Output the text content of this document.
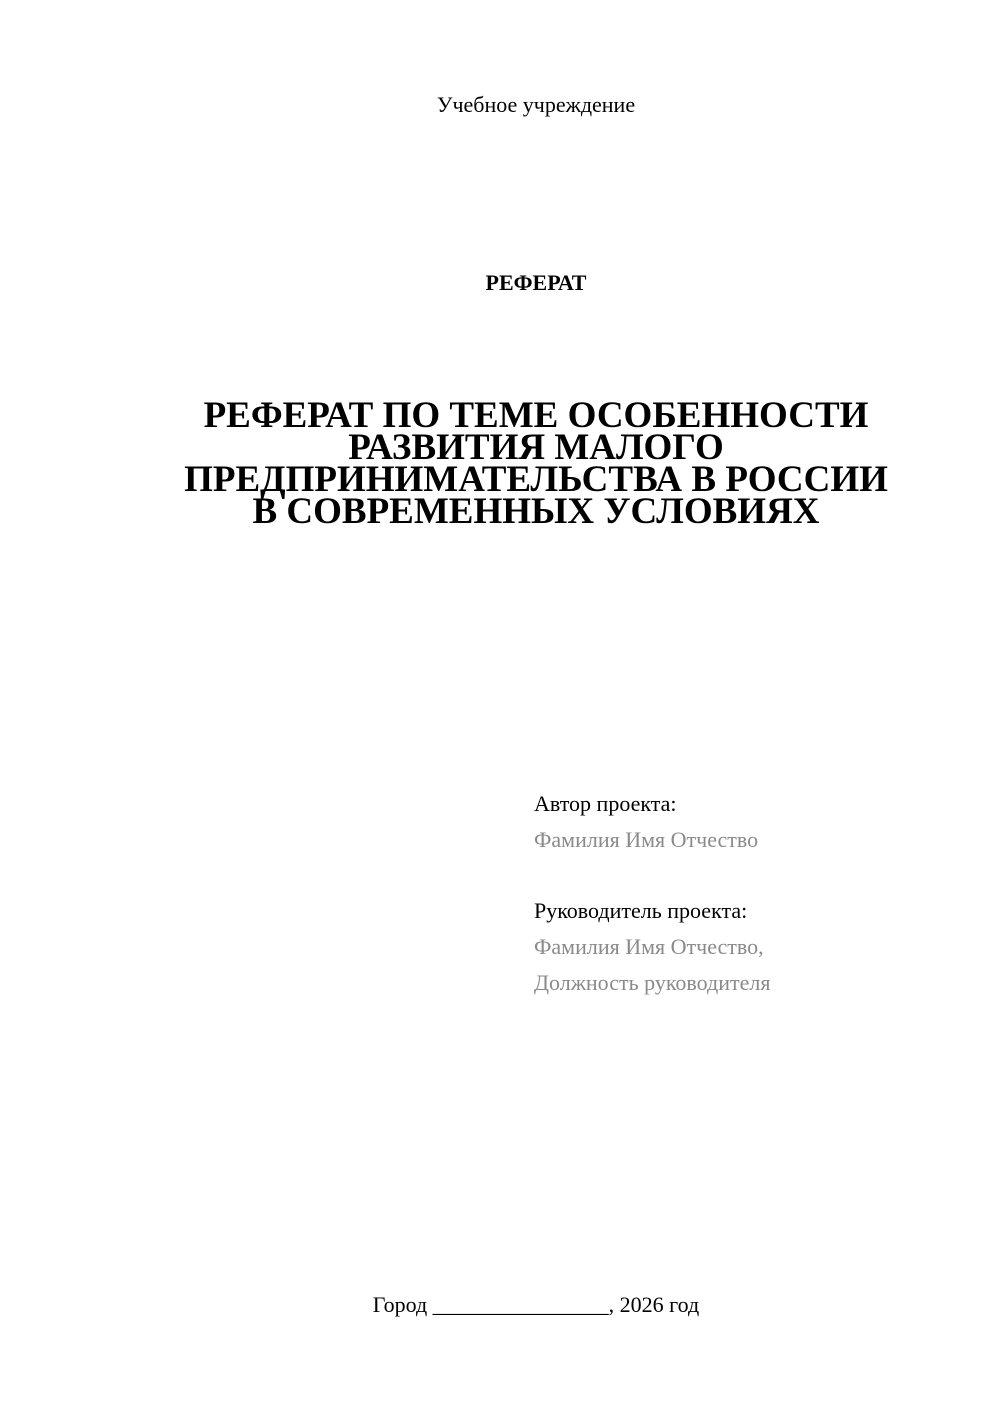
Учебное учреждение
РЕФЕРАТ
РЕФЕРАТ ПО ТЕМЕ ОСОБЕННОСТИ
РАЗВИТИЯ МАЛОГО
ПРЕДПРИНИМАТЕЛЬСТВА В РОССИИ
В СОВРЕМЕННЫХ УСЛОВИЯХ
Автор проекта:
Фамилия Имя Отчество
Руководитель проекта:
Фамилия Имя Отчество,
Должность руководителя
Город ________________, 2026 год
